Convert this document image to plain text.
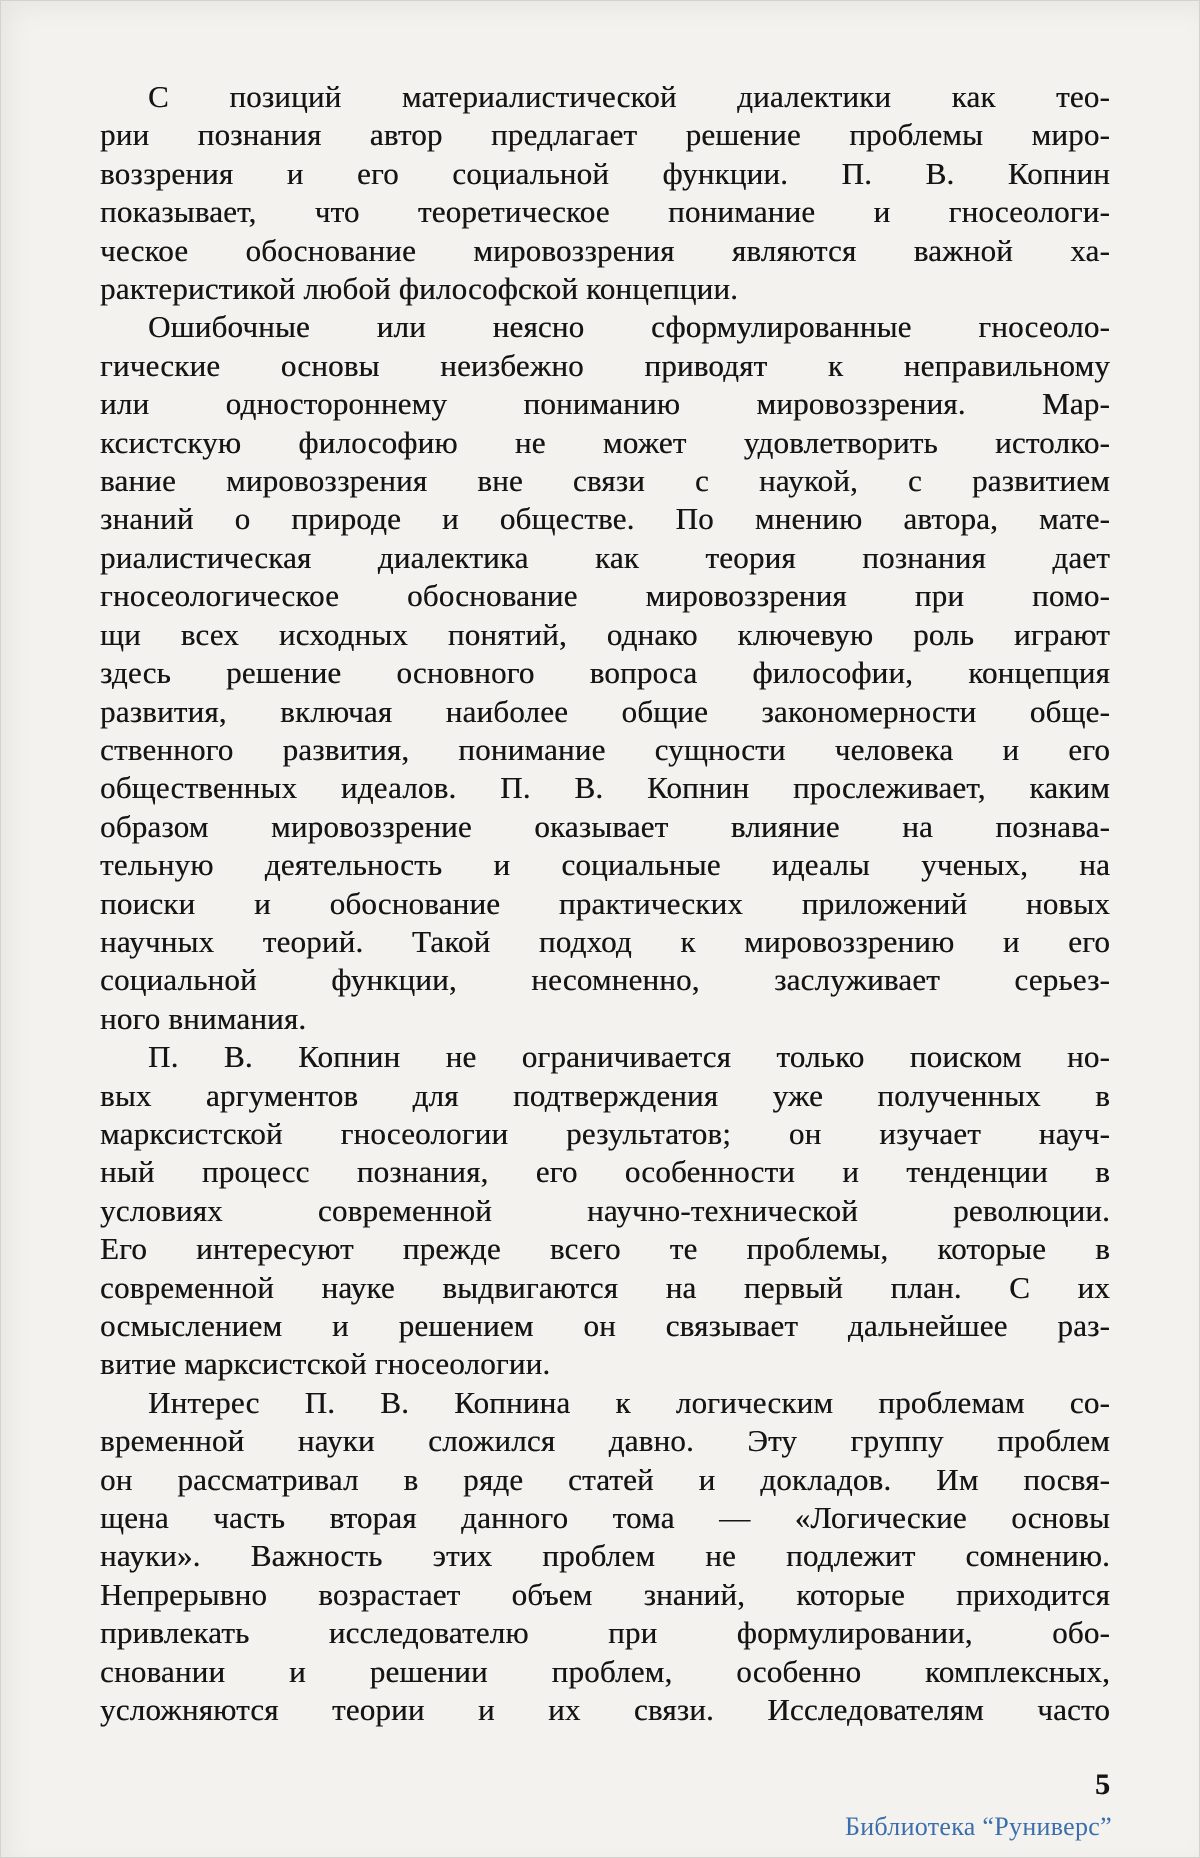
С позиций материалистической диалектики как тео-
рии познания автор предлагает решение проблемы миро-
воззрения и его социальной функции. П. В. Копнин
показывает, что теоретическое понимание и гносеологи-
ческое обоснование мировоззрения являются важной ха-
рактеристикой любой философской концепции.
Ошибочные или неясно сформулированные гносеоло-
гические основы неизбежно приводят к неправильному
или одностороннему пониманию мировоззрения. Мар-
ксистскую философию не может удовлетворить истолко-
вание мировоззрения вне связи с наукой, с развитием
знаний о природе и обществе. По мнению автора, мате-
риалистическая диалектика как теория познания дает
гносеологическое обоснование мировоззрения при помо-
щи всех исходных понятий, однако ключевую роль играют
здесь решение основного вопроса философии, концепция
развития, включая наиболее общие закономерности обще-
ственного развития, понимание сущности человека и его
общественных идеалов. П. В. Копнин прослеживает, каким
образом мировоззрение оказывает влияние на познава-
тельную деятельность и социальные идеалы ученых, на
поиски и обоснование практических приложений новых
научных теорий. Такой подход к мировоззрению и его
социальной функции, несомненно, заслуживает серьез-
ного внимания.
П. В. Копнин не ограничивается только поиском но-
вых аргументов для подтверждения уже полученных в
марксистской гносеологии результатов; он изучает науч-
ный процесс познания, его особенности и тенденции в
условиях современной научно-технической революции.
Его интересуют прежде всего те проблемы, которые в
современной науке выдвигаются на первый план. С их
осмыслением и решением он связывает дальнейшее раз-
витие марксистской гносеологии.
Интерес П. В. Копнина к логическим проблемам со-
временной науки сложился давно. Эту группу проблем
он рассматривал в ряде статей и докладов. Им посвя-
щена часть вторая данного тома — «Логические основы
науки». Важность этих проблем не подлежит сомнению.
Непрерывно возрастает объем знаний, которые приходится
привлекать исследователю при формулировании, обо-
сновании и решении проблем, особенно комплексных,
усложняются теории и их связи. Исследователям часто
5
Библиотека “Руниверс”
